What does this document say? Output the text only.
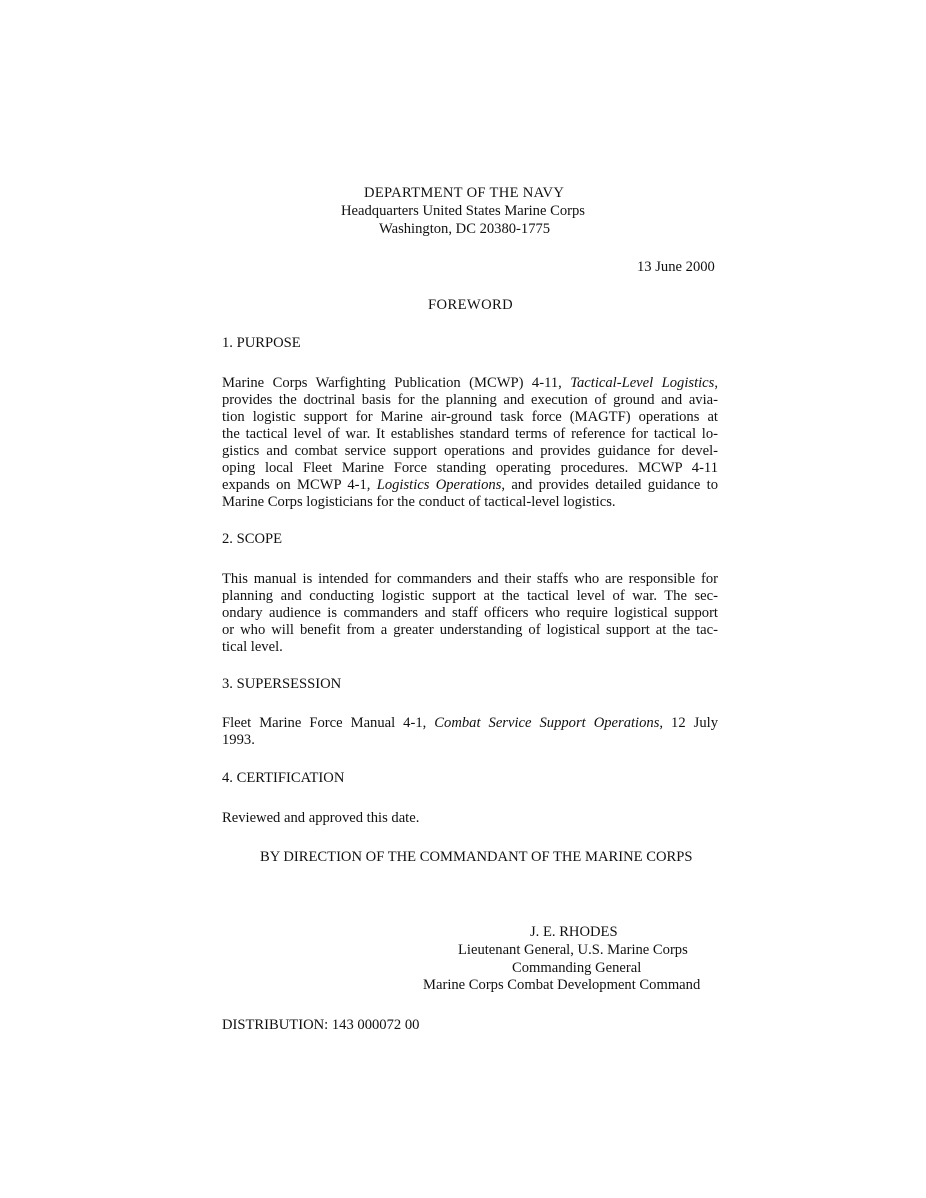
DEPARTMENT OF THE NAVY
Headquarters United States Marine Corps
Washington, DC 20380-1775
13 June 2000
FOREWORD
1. PURPOSE
Marine Corps Warfighting Publication (MCWP) 4-11, Tactical-Level Logistics,
provides the doctrinal basis for the planning and execution of ground and avia-
tion logistic support for Marine air-ground task force (MAGTF) operations at
the tactical level of war. It establishes standard terms of reference for tactical lo-
gistics and combat service support operations and provides guidance for devel-
oping local Fleet Marine Force standing operating procedures. MCWP 4-11
expands on MCWP 4-1, Logistics Operations, and provides detailed guidance to
Marine Corps logisticians for the conduct of tactical-level logistics.
2. SCOPE
This manual is intended for commanders and their staffs who are responsible for
planning and conducting logistic support at the tactical level of war. The sec-
ondary audience is commanders and staff officers who require logistical support
or who will benefit from a greater understanding of logistical support at the tac-
tical level.
3. SUPERSESSION
Fleet Marine Force Manual 4-1, Combat Service Support Operations, 12 July
1993.
4. CERTIFICATION
Reviewed and approved this date.
BY DIRECTION OF THE COMMANDANT OF THE MARINE CORPS
J. E. RHODES
Lieutenant General, U.S. Marine Corps
Commanding General
Marine Corps Combat Development Command
DISTRIBUTION: 143 000072 00
